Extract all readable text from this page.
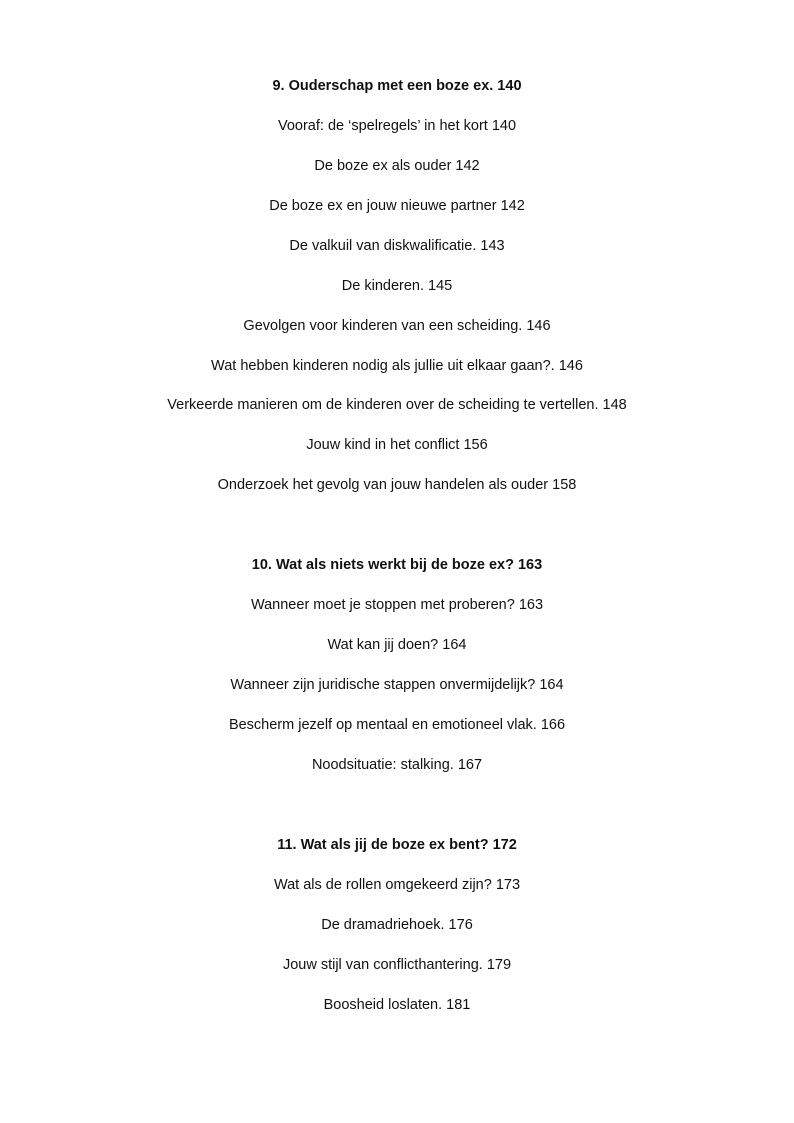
9. Ouderschap met een boze ex. 140
Vooraf: de ‘spelregels’ in het kort 140
De boze ex als ouder 142
De boze ex en jouw nieuwe partner 142
De valkuil van diskwalificatie. 143
De kinderen. 145
Gevolgen voor kinderen van een scheiding. 146
Wat hebben kinderen nodig als jullie uit elkaar gaan?. 146
Verkeerde manieren om de kinderen over de scheiding te vertellen. 148
Jouw kind in het conflict 156
Onderzoek het gevolg van jouw handelen als ouder 158
10. Wat als niets werkt bij de boze ex? 163
Wanneer moet je stoppen met proberen? 163
Wat kan jij doen? 164
Wanneer zijn juridische stappen onvermijdelijk? 164
Bescherm jezelf op mentaal en emotioneel vlak. 166
Noodsituatie: stalking. 167
11. Wat als jij de boze ex bent? 172
Wat als de rollen omgekeerd zijn? 173
De dramadriehoek. 176
Jouw stijl van conflicthantering. 179
Boosheid loslaten. 181
